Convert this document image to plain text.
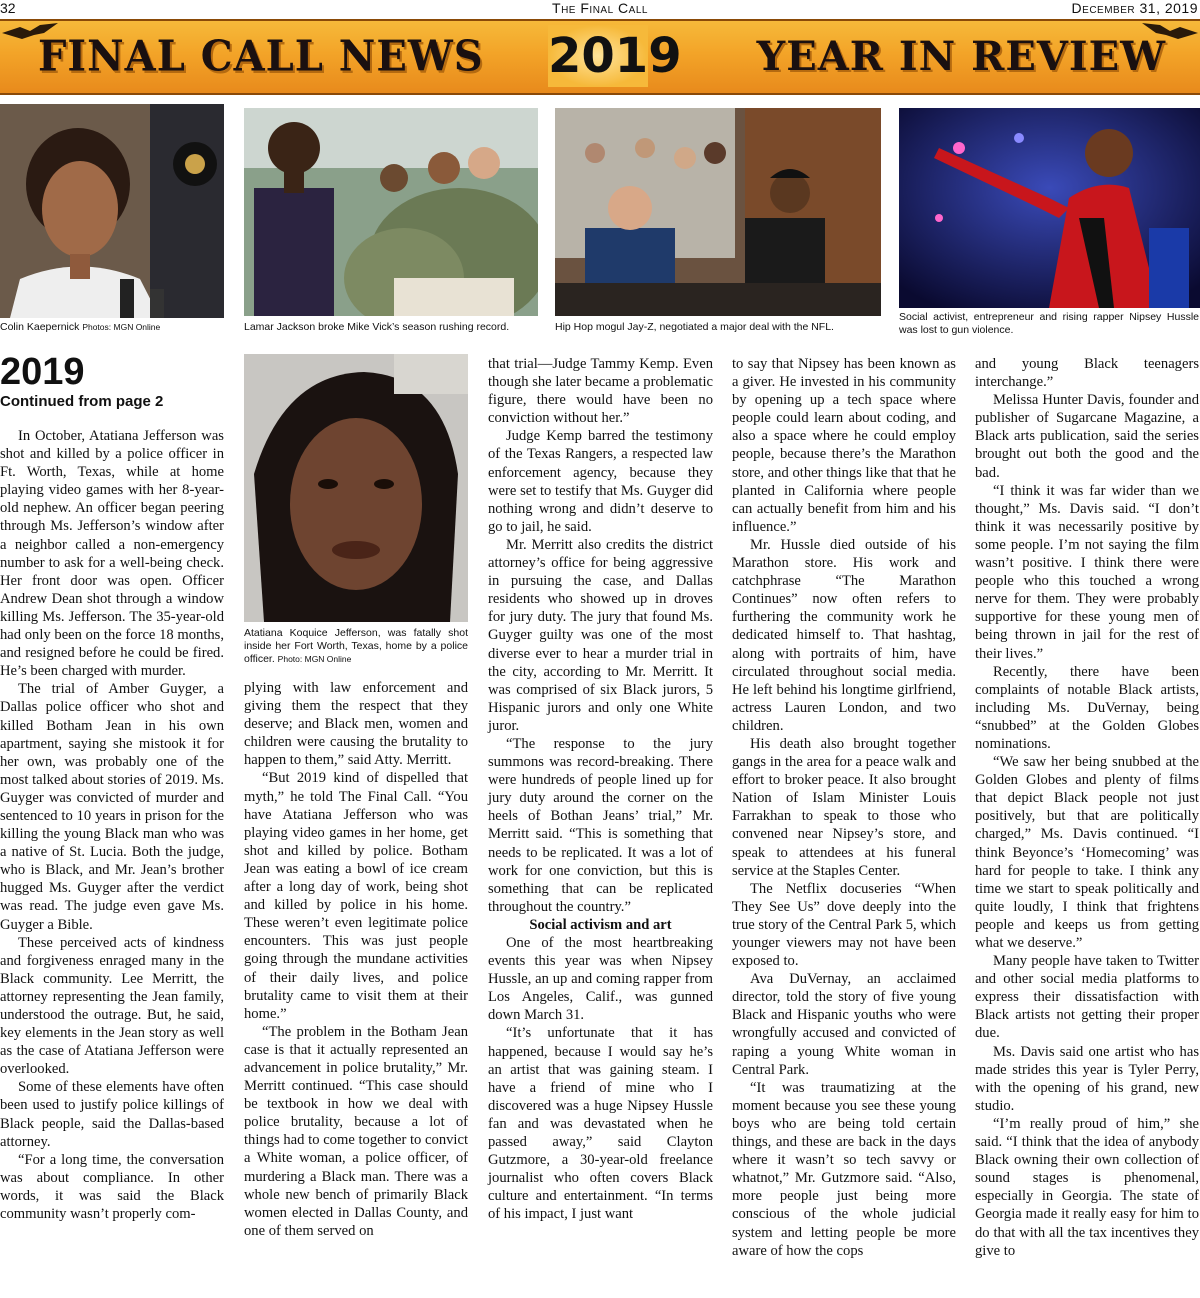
The Final Call
32	December 31, 2019
FINAL CALL NEWS 2019 YEAR IN REVIEW
Colin Kaepernick Photos: MGN Online	Lamar Jackson broke Mike Vick’s season rushing record.	Hip Hop mogul Jay-Z, negotiated a major deal with the NFL.
Social activist, entrepreneur and rising rapper Nipsey Hussle was lost to gun violence.
2019
Continued from page 2

In October, Atatiana Jefferson was shot and killed by a police officer in Ft. Worth, Texas, while at home playing video games with her 8-year-old nephew. An officer began peering through Ms. Jefferson’s window after a neighbor called a non-emergency number to ask for a well-being check. Her front door was open. Officer Andrew Dean shot through a window killing Ms. Jefferson. The 35-year-old had only been on the force 18 months, and resigned before he could be fired. He’s been charged with murder.

The trial of Amber Guyger, a Dallas police officer who shot and killed Botham Jean in his own apartment, saying she mistook it for her own, was probably one of the most talked about stories of 2019. Ms. Guyger was convicted of murder and sentenced to 10 years in prison for the killing the young Black man who was a native of St. Lucia. Both the judge, who is Black, and Mr. Jean’s brother hugged Ms. Guyger after the verdict was read. The judge even gave Ms. Guyger a Bible.

These perceived acts of kindness and forgiveness enraged many in the Black community. Lee Merritt, the attorney representing the Jean family, understood the outrage. But, he said, key elements in the Jean story as well as the case of Atatiana Jefferson were overlooked.

Some of these elements have often been used to justify police killings of Black people, said the Dallas-based attorney.

“For a long time, the conversation was about compliance. In other words, it was said the Black community wasn’t properly com-

Atatiana Koquice Jefferson, was fatally shot inside her Fort Worth, Texas, home by a police officer. Photo: MGN Online

plying with law enforcement and giving them the respect that they deserve; and Black men, women and children were causing the brutality to happen to them,” said Atty. Merritt.

“But 2019 kind of dispelled that myth,” he told The Final Call. “You have Atatiana Jefferson who was playing video games in her home, get shot and killed by police. Botham Jean was eating a bowl of ice cream after a long day of work, being shot and killed by police in his home. These weren’t even legitimate police encounters. This was just people going through the mundane activities of their daily lives, and police brutality came to visit them at their home.”

“The problem in the Botham Jean case is that it actually represented an advancement in police brutality,” Mr. Merritt continued. “This case should be textbook in how we deal with police brutality, because a lot of things had to come together to convict a White woman, a police officer, of murdering a Black man. There was a whole new bench of primarily Black women elected in Dallas County, and one of them served on

that trial—Judge Tammy Kemp. Even though she later became a problematic figure, there would have been no conviction without her.”

Judge Kemp barred the testimony of the Texas Rangers, a respected law enforcement agency, because they were set to testify that Ms. Guyger did nothing wrong and didn’t deserve to go to jail, he said.

Mr. Merritt also credits the district attorney’s office for being aggressive in pursuing the case, and Dallas residents who showed up in droves for jury duty. The jury that found Ms. Guyger guilty was one of the most diverse ever to hear a murder trial in the city, according to Mr. Merritt. It was comprised of six Black jurors, 5 Hispanic jurors and only one White juror.

“The response to the jury summons was record-breaking. There were hundreds of people lined up for jury duty around the corner on the heels of Bothan Jeans’ trial,” Mr. Merritt said. “This is something that needs to be replicated. It was a lot of work for one conviction, but this is something that can be replicated throughout the country.”

Social activism and art

One of the most heartbreaking events this year was when Nipsey Hussle, an up and coming rapper from Los Angeles, Calif., was gunned down March 31.

“It’s unfortunate that it has happened, because I would say he’s an artist that was gaining steam. I have a friend of mine who I discovered was a huge Nipsey Hussle fan and was devastated when he passed away,” said Clayton Gutzmore, a 30-year-old freelance journalist who often covers Black culture and entertainment. “In terms of his impact, I just want

to say that Nipsey has been known as a giver. He invested in his community by opening up a tech space where people could learn about coding, and also a space where he could employ people, because there’s the Marathon store, and other things like that that he planted in California where people can actually benefit from him and his influence.”

Mr. Hussle died outside of his Marathon store. His work and catchphrase “The Marathon Continues” now often refers to furthering the community work he dedicated himself to. That hashtag, along with portraits of him, have circulated throughout social media. He left behind his longtime girlfriend, actress Lauren London, and two children.

His death also brought together gangs in the area for a peace walk and effort to broker peace. It also brought Nation of Islam Minister Louis Farrakhan to speak to those who convened near Nipsey’s store, and speak to attendees at his funeral service at the Staples Center.

The Netflix docuseries “When They See Us” dove deeply into the true story of the Central Park 5, which younger viewers may not have been exposed to.

Ava DuVernay, an acclaimed director, told the story of five young Black and Hispanic youths who were wrongfully accused and convicted of raping a young White woman in Central Park.

“It was traumatizing at the moment because you see these young boys who are being told certain things, and these are back in the days where it wasn’t so tech savvy or whatnot,” Mr. Gutzmore said. “Also, more people just being more conscious of the whole judicial system and letting people be more aware of how the cops

and young Black teenagers interchange.”

Melissa Hunter Davis, founder and publisher of Sugarcane Magazine, a Black arts publication, said the series brought out both the good and the bad.

“I think it was far wider than we thought,” Ms. Davis said. “I don’t think it was necessarily positive by some people. I’m not saying the film wasn’t positive. I think there were people who this touched a wrong nerve for them. They were probably supportive for these young men of being thrown in jail for the rest of their lives.”

Recently, there have been complaints of notable Black artists, including Ms. DuVernay, being “snubbed” at the Golden Globes nominations.

“We saw her being snubbed at the Golden Globes and plenty of films that depict Black people not just positively, but that are politically charged,” Ms. Davis continued. “I think Beyonce’s ‘Homecoming’ was hard for people to take. I think any time we start to speak politically and quite loudly, I think that frightens people and keeps us from getting what we deserve.”

Many people have taken to Twitter and other social media platforms to express their dissatisfaction with Black artists not getting their proper due.

Ms. Davis said one artist who has made strides this year is Tyler Perry, with the opening of his grand, new studio.

“I’m really proud of him,” she said. “I think that the idea of anybody Black owning their own collection of sound stages is phenomenal, especially in Georgia. The state of Georgia made it really easy for him to do that with all the tax incentives they give to
